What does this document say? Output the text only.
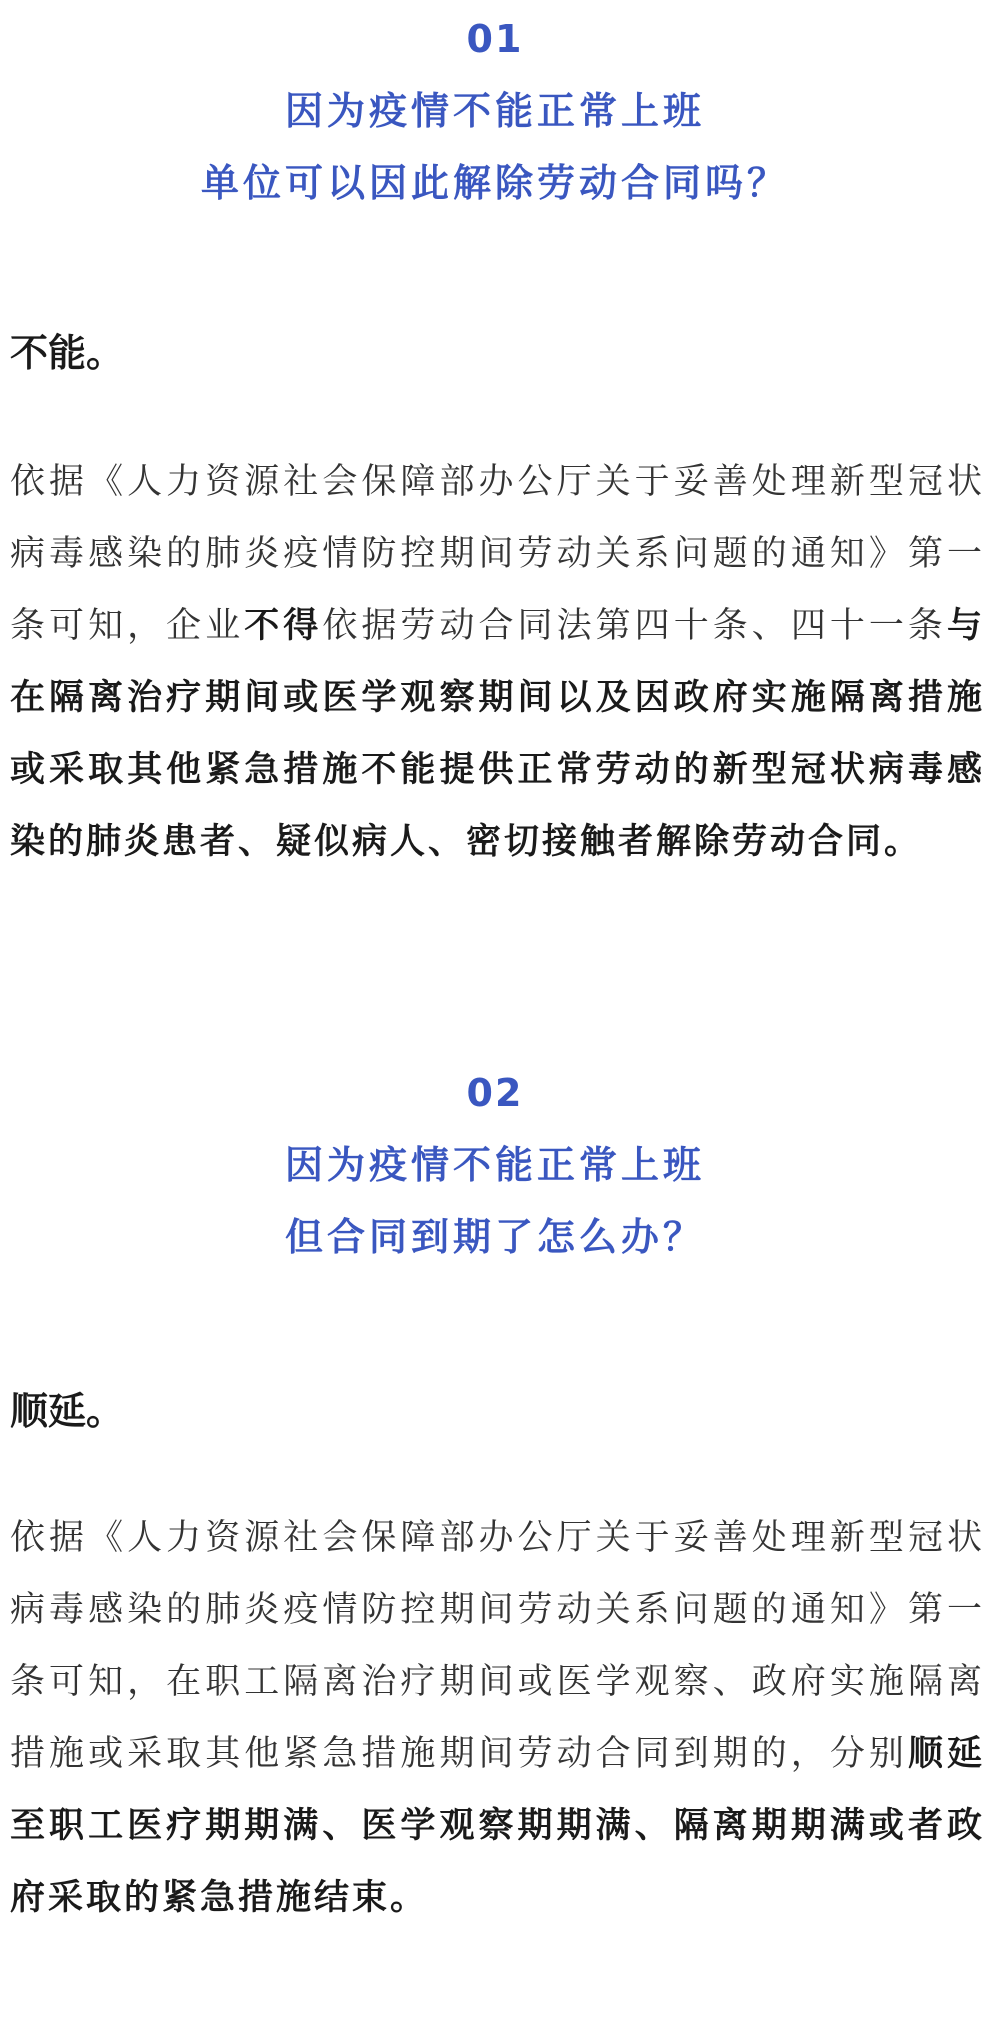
01
因为疫情不能正常上班
单位可以因此解除劳动合同吗？
不能。
依据《人力资源社会保障部办公厅关于妥善处理新型冠状病毒感染的肺炎疫情防控期间劳动关系问题的通知》第一条可知，企业不得依据劳动合同法第四十条、四十一条与在隔离治疗期间或医学观察期间以及因政府实施隔离措施或采取其他紧急措施不能提供正常劳动的新型冠状病毒感染的肺炎患者、疑似病人、密切接触者解除劳动合同。
02
因为疫情不能正常上班
但合同到期了怎么办？
顺延。
依据《人力资源社会保障部办公厅关于妥善处理新型冠状病毒感染的肺炎疫情防控期间劳动关系问题的通知》第一条可知，在职工隔离治疗期间或医学观察、政府实施隔离措施或采取其他紧急措施期间劳动合同到期的，分别顺延至职工医疗期期满、医学观察期期满、隔离期期满或者政府采取的紧急措施结束。
